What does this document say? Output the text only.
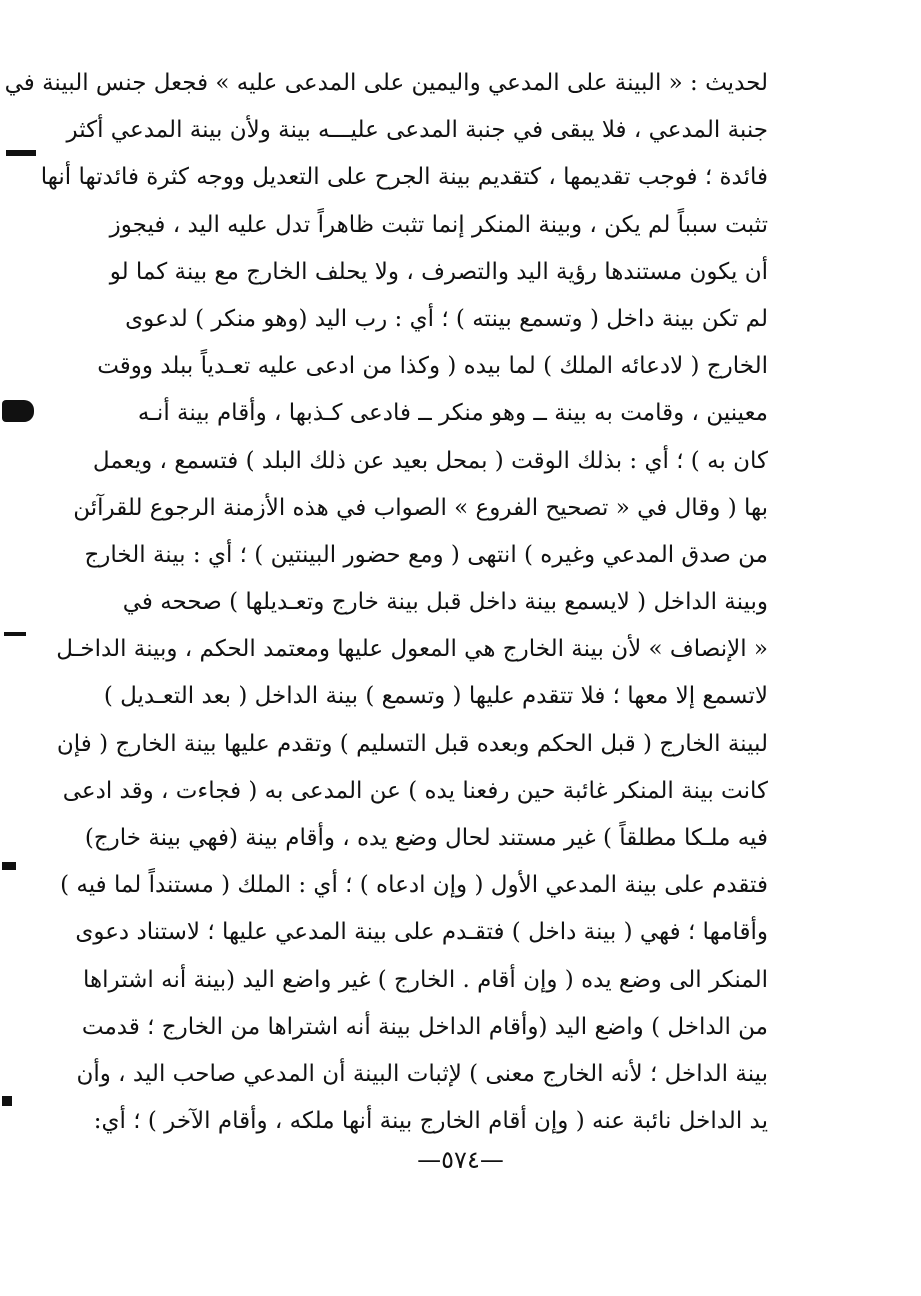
لحديث : « البينة على المدعي واليمين على المدعى عليه » فجعل جنس البينة في
جنبة المدعي ، فلا يبقى في جنبة المدعى عليـــه بينة ولأن بينة المدعي أكثر
فائدة ؛ فوجب تقديمها ، كتقديم بينة الجرح على التعديل ووجه كثرة فائدتها أنها
تثبت سبباً لم يكن ، وبينة المنكر إنما تثبت ظاهراً تدل عليه اليد ، فيجوز
أن يكون مستندها رؤية اليد والتصرف ، ولا يحلف الخارج مع بينة كما لو
لم تكن بينة داخل ( وتسمع بينته ) ؛ أي : رب اليد (وهو منكر ) لدعوى
الخارج ( لادعائه الملك ) لما بيده ( وكذا من ادعى عليه تعـدياً ببلد ووقت
معينين ، وقامت به بينة ــ وهو منكر ــ فادعى كـذبها ، وأقام بينة أنـه
كان به ) ؛ أي : بذلك الوقت ( بمحل بعيد عن ذلك البلد ) فتسمع ، ويعمل
بها ( وقال في « تصحيح الفروع » الصواب في هذه الأزمنة الرجوع للقرآئن
من صدق المدعي وغيره ) انتهى ( ومع حضور البينتين ) ؛ أي : بينة الخارج
وبينة الداخل ( لايسمع بينة داخل قبل بينة خارج وتعـديلها ) صححه في
« الإنصاف » لأن بينة الخارج هي المعول عليها ومعتمد الحكم ، وبينة الداخـل
لاتسمع إلا معها ؛ فلا تتقدم عليها ( وتسمع ) بينة الداخل ( بعد التعـديل )
لبينة الخارج ( قبل الحكم وبعده قبل التسليم ) وتقدم عليها بينة الخارج ( فإن
كانت بينة المنكر غائبة حين رفعنا يده ) عن المدعى به ( فجاءت ، وقد ادعى
فيه ملـكا مطلقاً ) غير مستند لحال وضع يده ، وأقام بينة (فهي بينة خارج)
فتقدم على بينة المدعي الأول ( وإن ادعاه ) ؛ أي : الملك ( مستنداً لما فيه )
وأقامها ؛ فهي ( بينة داخل ) فتقـدم على بينة المدعي عليها ؛ لاستناد دعوى
المنكر الى وضع يده ( وإن أقام . الخارج ) غير واضع اليد (بينة أنه اشتراها
من الداخل ) واضع اليد (وأقام الداخل بينة أنه اشتراها من الخارج ؛ قدمت
بينة الداخل ؛ لأنه الخارج معنى ) لإثبات البينة أن المدعي صاحب اليد ، وأن
يد الداخل نائبة عنه ( وإن أقام الخارج بينة أنها ملكه ، وأقام الآخر ) ؛ أي:
—٥٧٤—
